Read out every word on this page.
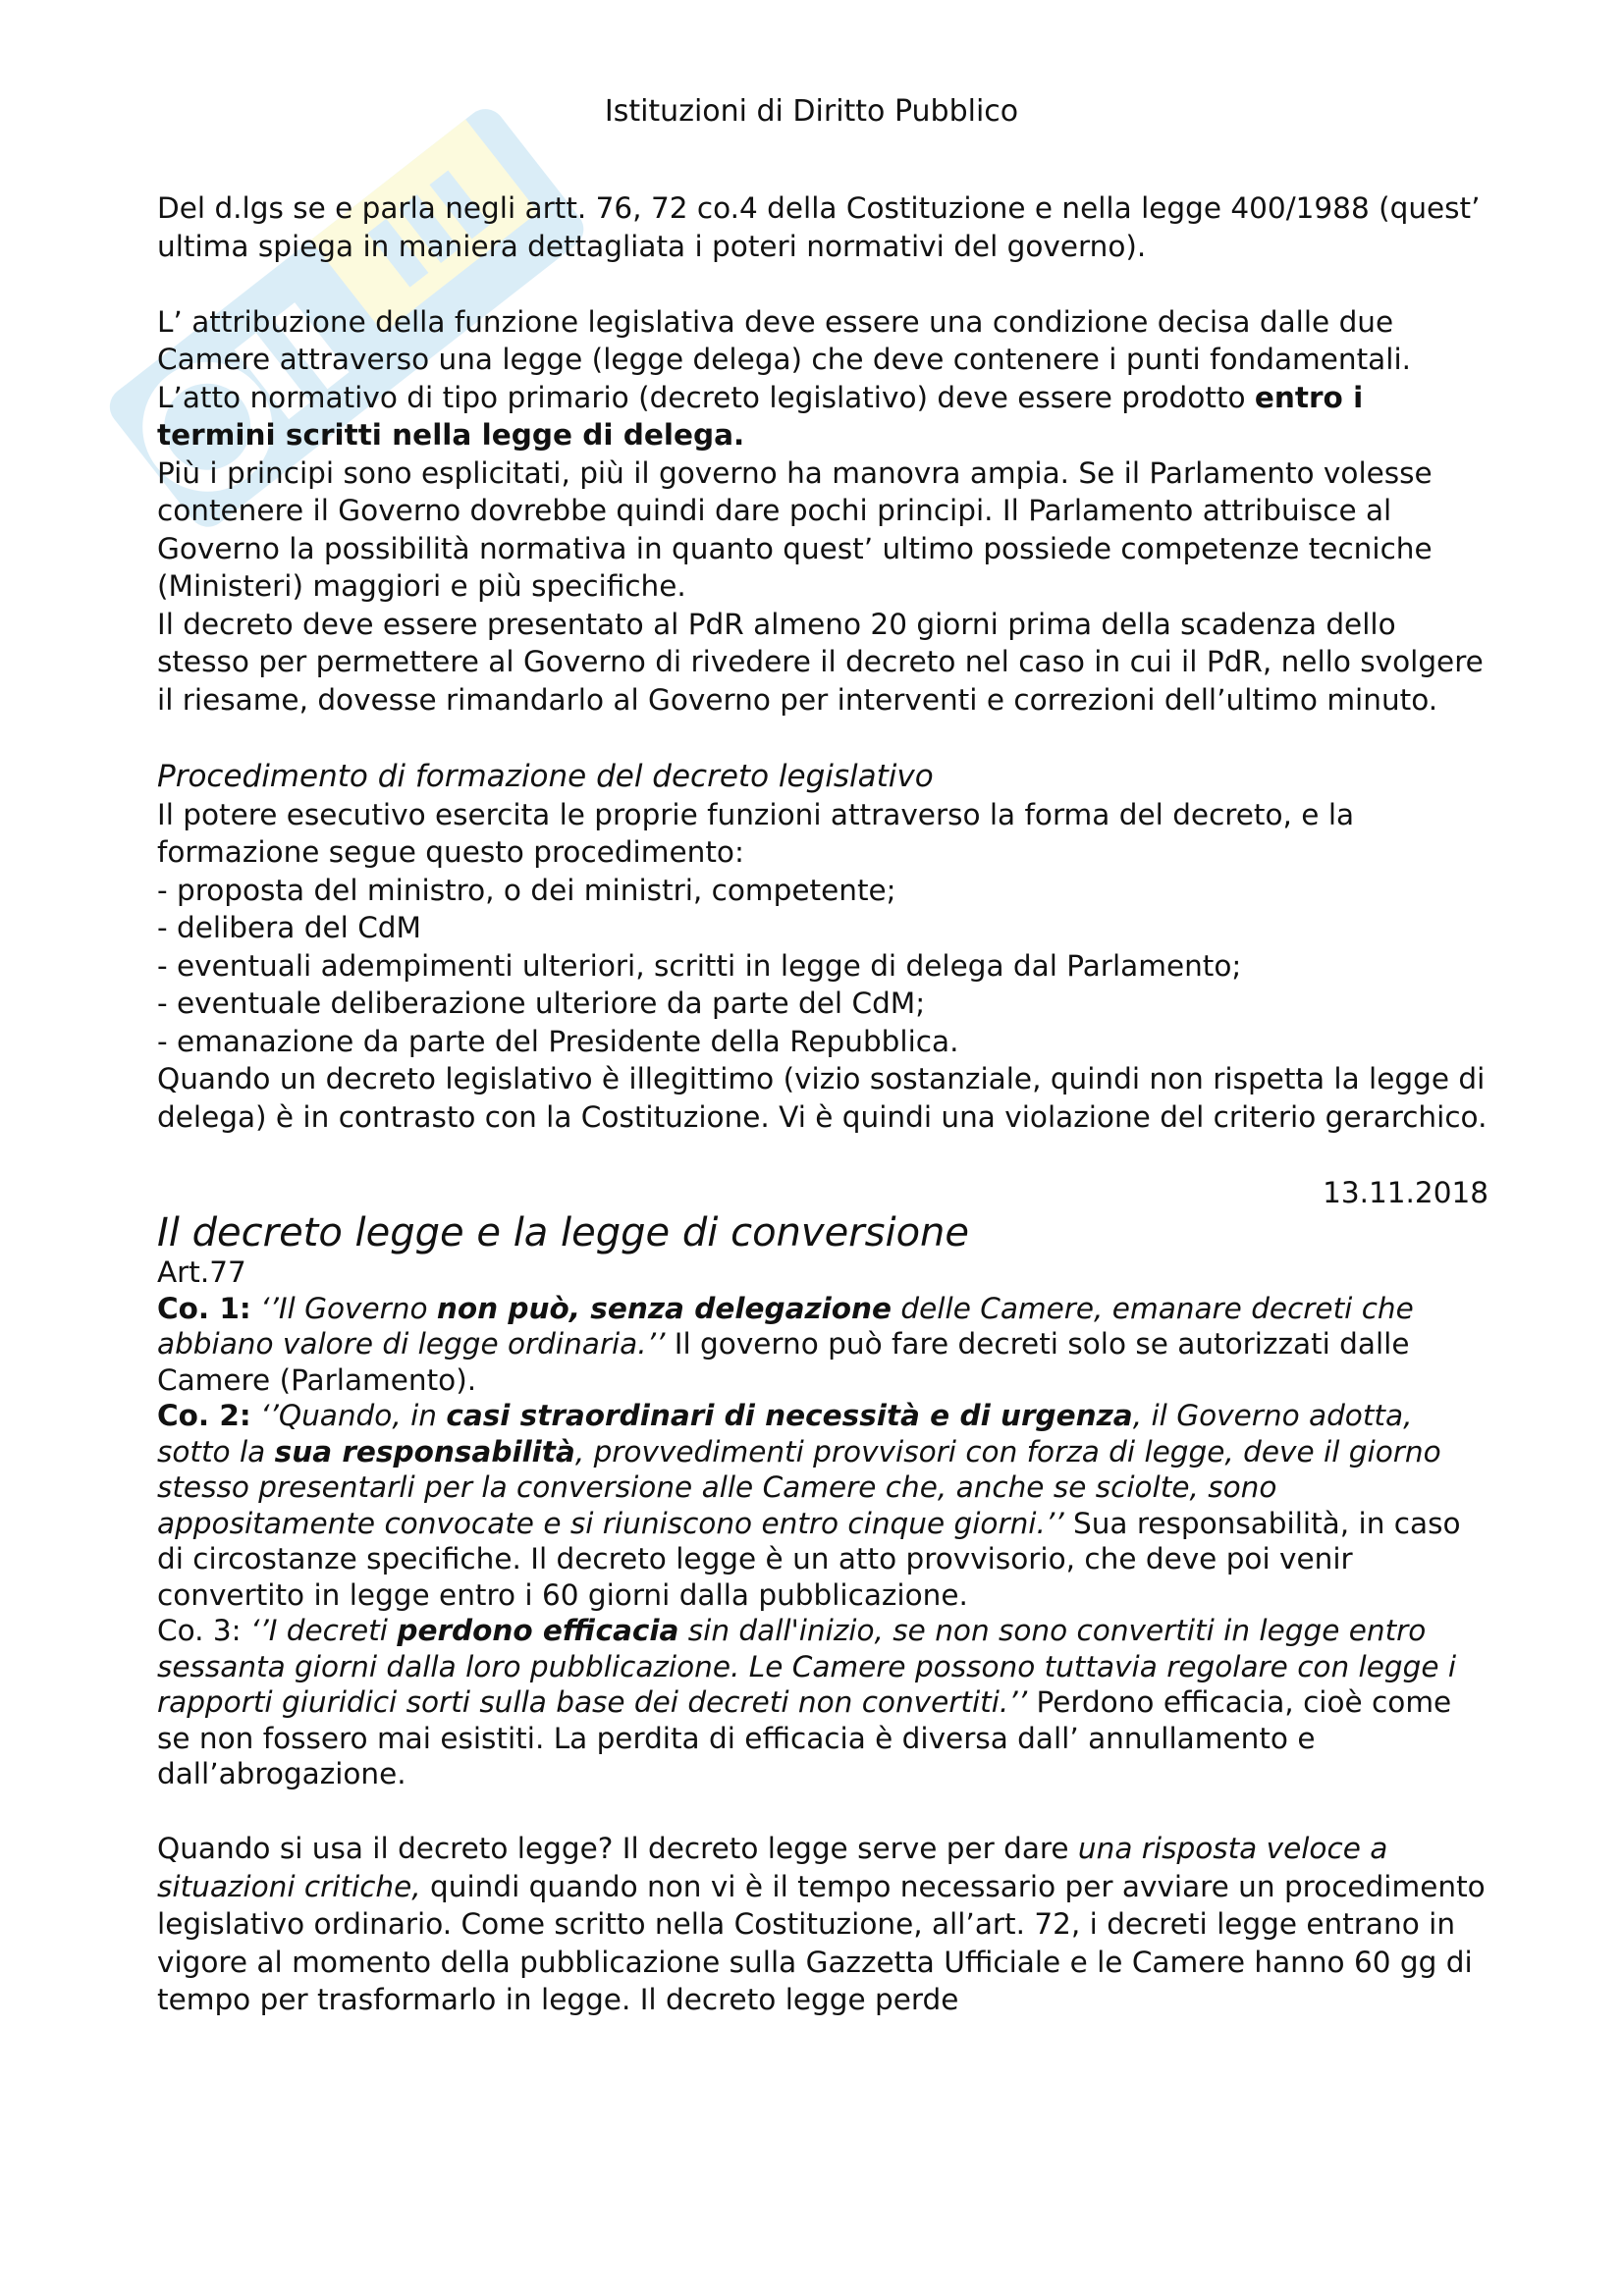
Istituzioni di Diritto Pubblico

Del d.lgs se e parla negli artt. 76, 72 co.4 della Costituzione e nella legge 400/1988 (quest’ ultima spiega in maniera dettagliata i poteri normativi del governo).

L’ attribuzione della funzione legislativa deve essere una condizione decisa dalle due Camere attraverso una legge (legge delega) che deve contenere i punti fondamentali. L’atto normativo di tipo primario (decreto legislativo) deve essere prodotto entro i termini scritti nella legge di delega.

Più i principi sono esplicitati, più il governo ha manovra ampia. Se il Parlamento volesse contenere il Governo dovrebbe quindi dare pochi principi. Il Parlamento attribuisce al Governo la possibilità normativa in quanto quest’ ultimo possiede competenze tecniche (Ministeri) maggiori e più specifiche.

Il decreto deve essere presentato al PdR almeno 20 giorni prima della scadenza dello stesso per permettere al Governo di rivedere il decreto nel caso in cui il PdR, nello svolgere il riesame, dovesse rimandarlo al Governo per interventi e correzioni dell’ultimo minuto.

Procedimento di formazione del decreto legislativo

Il potere esecutivo esercita le proprie funzioni attraverso la forma del decreto, e la formazione segue questo procedimento:

- proposta del ministro, o dei ministri, competente;

- delibera del CdM

- eventuali adempimenti ulteriori, scritti in legge di delega dal Parlamento;

- eventuale deliberazione ulteriore da parte del CdM;

- emanazione da parte del Presidente della Repubblica.

Quando un decreto legislativo è illegittimo (vizio sostanziale, quindi non rispetta la legge di delega) è in contrasto con la Costituzione. Vi è quindi una violazione del criterio gerarchico.

13.11.2018

Il decreto legge e la legge di conversione

Art.77

Co. 1: ‘’Il Governo non può, senza delegazione delle Camere, emanare decreti che abbiano valore di legge ordinaria.’’ Il governo può fare decreti solo se autorizzati dalle Camere (Parlamento).

Co. 2: ‘’Quando, in casi straordinari di necessità e di urgenza, il Governo adotta, sotto la sua responsabilità, provvedimenti provvisori con forza di legge, deve il giorno stesso presentarli per la conversione alle Camere che, anche se sciolte, sono appositamente convocate e si riuniscono entro cinque giorni.’’ Sua responsabilità, in caso di circostanze specifiche. Il decreto legge è un atto provvisorio, che deve poi venir convertito in legge entro i 60 giorni dalla pubblicazione.

Co. 3: ‘’I decreti perdono efficacia sin dall'inizio, se non sono convertiti in legge entro sessanta giorni dalla loro pubblicazione. Le Camere possono tuttavia regolare con legge i rapporti giuridici sorti sulla base dei decreti non convertiti.’’ Perdono efficacia, cioè come se non fossero mai esistiti. La perdita di efficacia è diversa dall’ annullamento e dall’abrogazione.

Quando si usa il decreto legge? Il decreto legge serve per dare una risposta veloce a situazioni critiche, quindi quando non vi è il tempo necessario per avviare un procedimento legislativo ordinario. Come scritto nella Costituzione, all’art. 72, i decreti legge entrano in vigore al momento della pubblicazione sulla Gazzetta Ufficiale e le Camere hanno 60 gg di tempo per trasformarlo in legge. Il decreto legge perde
